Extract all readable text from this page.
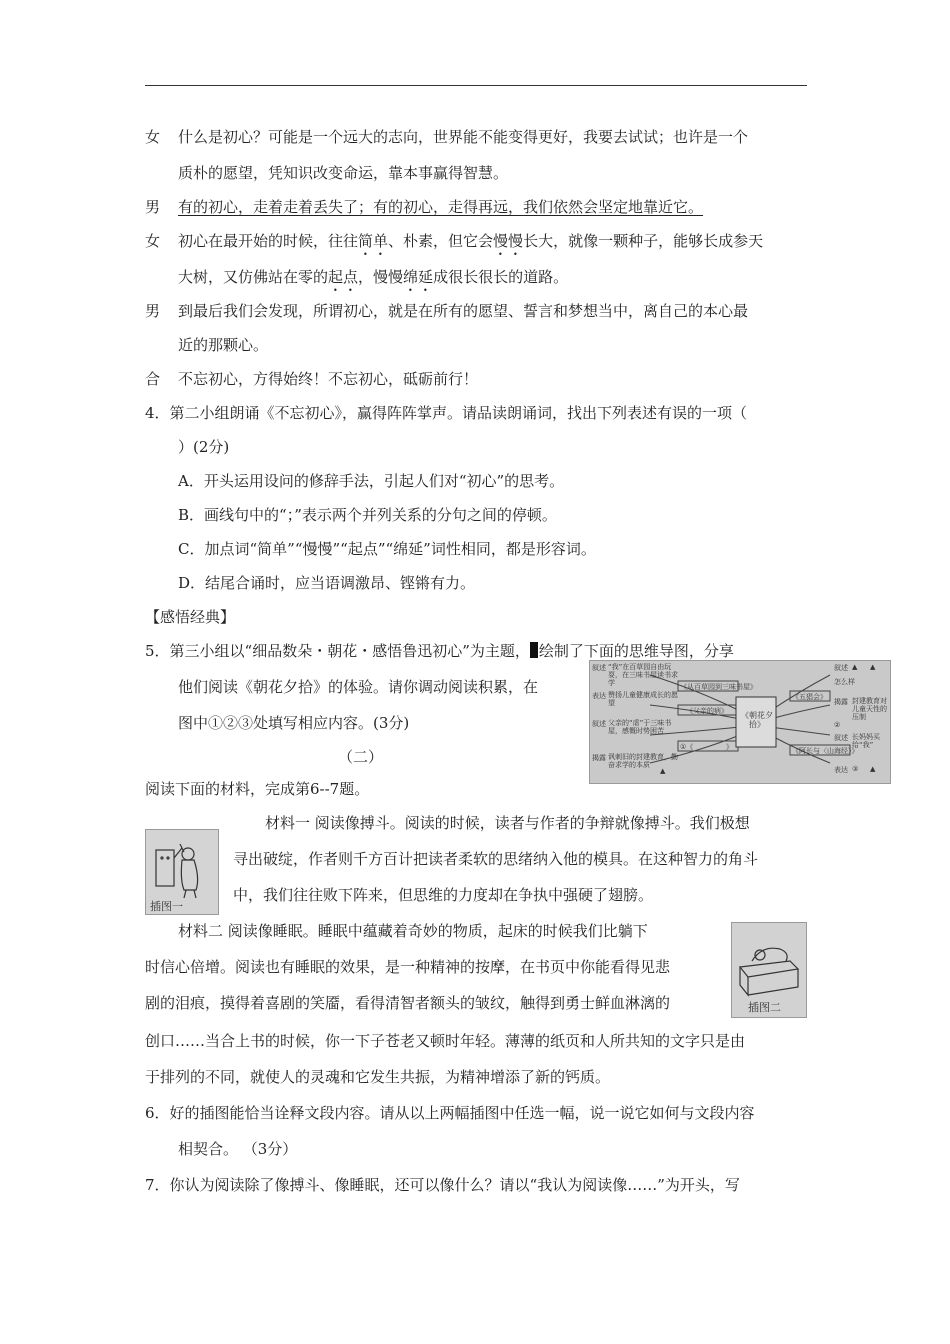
女 什么是初心？可能是一个远大的志向，世界能不能变得更好，我要去试试；也许是一个
质朴的愿望，凭知识改变命运，靠本事赢得智慧。
男 有的初心，走着走着丢失了；有的初心，走得再远，我们依然会坚定地靠近它。
女 初心在最开始的时候，往往简单、朴素，但它会慢慢长大，就像一颗种子，能够长成参天
大树，又仿佛站在零的起点，慢慢绵延成很长很长的道路。
男 到最后我们会发现，所谓初心，就是在所有的愿望、誓言和梦想当中，离自己的本心最
近的那颗心。
合 不忘初心，方得始终！不忘初心，砥砺前行！
4．第二小组朗诵《不忘初心》，赢得阵阵掌声。请品读朗诵词，找出下列表述有误的一项（
）(2分)
A．开头运用设问的修辞手法，引起人们对“初心”的思考。
B．画线句中的“；”表示两个并列关系的分句之间的停顿。
C．加点词“简单”“慢慢”“起点”“绵延”词性相同，都是形容词。
D．结尾合诵时，应当语调激昂、铿锵有力。
【感悟经典】
5．第三小组以“细品数朵・朝花・感悟鲁迅初心”为主题， 绘制了下面的思维导图，分享
他们阅读《朝花夕拾》的体验。请你调动阅读积累，在
图中①②③处填写相应内容。(3分)	《朝花夕拾》
叙述 “我”在百草园自由玩耍，在三味书屋读书求学
表达 赞扬儿童健康成长的愿望
叙述 父亲的“虐”于三味书屋，感慨时势困苦
揭露 讽刺旧的封建教育，勤奋求学的本质
《从百草园到三味书屋》
《父亲的病》
①《	》
《五猖会》
《阿长与〈山海经〉》
叙述 ▲
揭露 封建教育对儿童天性的压制
叙述 长妈妈买给“我”
表达 ③
怎么样
②
▲
▲
▲
（二）
阅读下面的材料，完成第6--7题。
插图一
材料一 阅读像搏斗。阅读的时候，读者与作者的争辩就像搏斗。我们极想
寻出破绽，作者则千方百计把读者柔软的思绪纳入他的模具。在这种智力的角斗
中，我们往往败下阵来，但思维的力度却在争执中强硬了翅膀。
材料二 阅读像睡眠。睡眠中蕴藏着奇妙的物质，起床的时候我们比躺下
时信心倍增。阅读也有睡眠的效果，是一种精神的按摩，在书页中你能看得见悲
剧的泪痕，摸得着喜剧的笑靥，看得清智者额头的皱纹，触得到勇士鲜血淋漓的
创口……当合上书的时候，你一下子苍老又顿时年轻。薄薄的纸页和人所共知的文字只是由
于排列的不同，就使人的灵魂和它发生共振，为精神增添了新的钙质。
插图二
6．好的插图能恰当诠释文段内容。请从以上两幅插图中任选一幅，说一说它如何与文段内容
相契合。 （3分）
7．你认为阅读除了像搏斗、像睡眠，还可以像什么？请以“我认为阅读像……”为开头，写
